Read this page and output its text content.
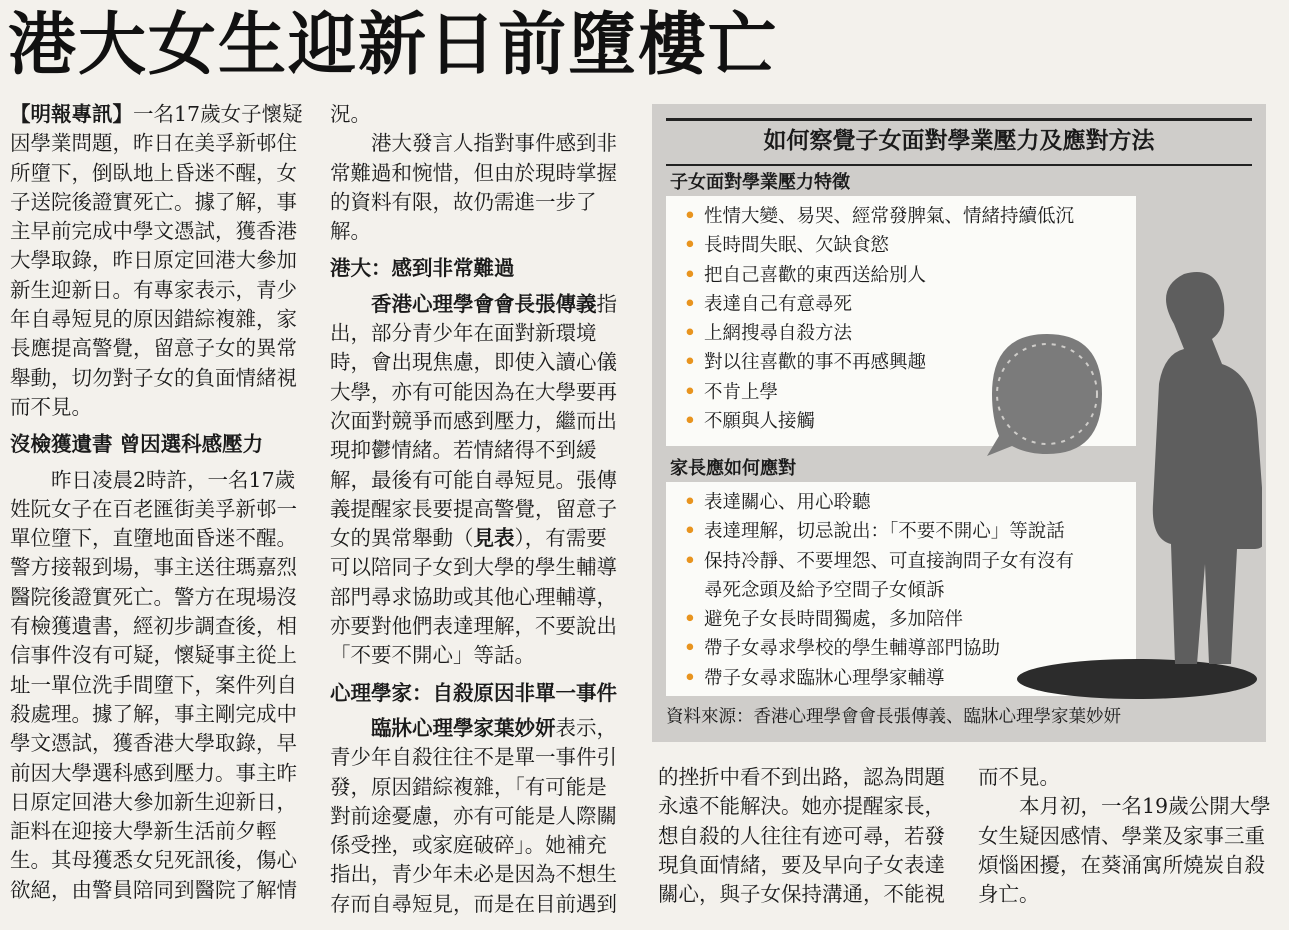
港大女生迎新日前墮樓亡

【明報專訊】一名17歲女子懷疑因學業問題，昨日在美孚新邨住所墮下，倒臥地上昏迷不醒，女子送院後證實死亡。據了解，事主早前完成中學文憑試，獲香港大學取錄，昨日原定回港大參加新生迎新日。有專家表示，青少年自尋短見的原因錯綜複雜，家長應提高警覺，留意子女的異常舉動，切勿對子女的負面情緒視而不見。

沒檢獲遺書 曾因選科感壓力

昨日凌晨2時許，一名17歲姓阮女子在百老匯街美孚新邨一單位墮下，直墮地面昏迷不醒。警方接報到場，事主送往瑪嘉烈醫院後證實死亡。警方在現場沒有檢獲遺書，經初步調查後，相信事件沒有可疑，懷疑事主從上址一單位洗手間墮下，案件列自殺處理。據了解，事主剛完成中學文憑試，獲香港大學取錄，早前因大學選科感到壓力。事主昨日原定回港大參加新生迎新日，詎料在迎接大學新生活前夕輕生。其母獲悉女兒死訊後，傷心欲絕，由警員陪同到醫院了解情

況。

港大發言人指對事件感到非常難過和惋惜，但由於現時掌握的資料有限，故仍需進一步了解。

港大：感到非常難過

香港心理學會會長張傳義指出，部分青少年在面對新環境時，會出現焦慮，即使入讀心儀大學，亦有可能因為在大學要再次面對競爭而感到壓力，繼而出現抑鬱情緒。若情緒得不到緩解，最後有可能自尋短見。張傳義提醒家長要提高警覺，留意子女的異常舉動（見表），有需要可以陪同子女到大學的學生輔導部門尋求協助或其他心理輔導，亦要對他們表達理解，不要說出「不要不開心」等話。

心理學家：自殺原因非單一事件

臨牀心理學家葉妙妍表示，青少年自殺往往不是單一事件引發，原因錯綜複雜，「有可能是對前途憂慮，亦有可能是人際關係受挫，或家庭破碎」。她補充指出，青少年未必是因為不想生存而自尋短見，而是在目前遇到

如何察覺子女面對學業壓力及應對方法
子女面對學業壓力特徵
• 性情大變、易哭、經常發脾氣、情緒持續低沉
• 長時間失眠、欠缺食慾
• 把自己喜歡的東西送給別人
• 表達自己有意尋死
• 上網搜尋自殺方法
• 對以往喜歡的事不再感興趣
• 不肯上學
• 不願與人接觸
家長應如何應對
• 表達關心、用心聆聽
• 表達理解，切忌說出：「不要不開心」等說話
• 保持冷靜、不要埋怨、可直接詢問子女有沒有尋死念頭及給予空間子女傾訴
• 避免子女長時間獨處，多加陪伴
• 帶子女尋求學校的學生輔導部門協助
• 帶子女尋求臨牀心理學家輔導
資料來源：香港心理學會會長張傳義、臨牀心理學家葉妙妍

的挫折中看不到出路，認為問題永遠不能解決。她亦提醒家長，想自殺的人往往有迹可尋，若發現負面情緒，要及早向子女表達關心，與子女保持溝通，不能視

而不見。

本月初，一名19歲公開大學女生疑因感情、學業及家事三重煩惱困擾，在葵涌寓所燒炭自殺身亡。
